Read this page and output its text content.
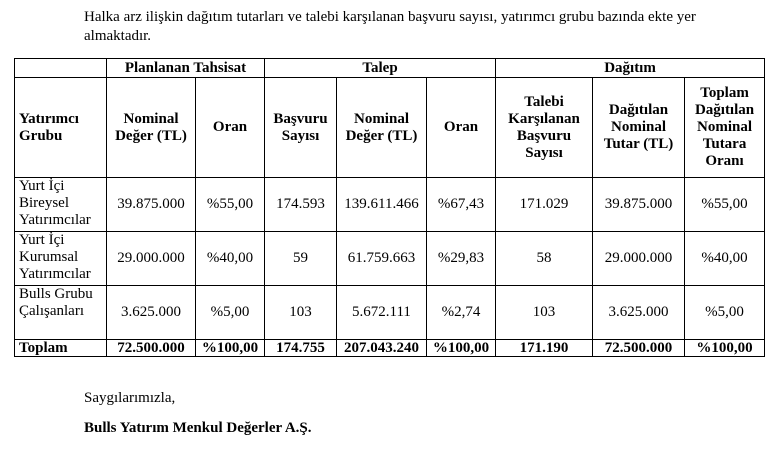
Halka arz ilişkin dağıtım tutarları ve talebi karşılanan başvuru sayısı, yatırımcı grubu bazında ekte yer almaktadır.
	Planlanan Tahsisat		Talep			Dağıtım		
Yatırımcı Grubu	Nominal Değer (TL)	Oran	Başvuru Sayısı	Nominal Değer (TL)	Oran	Talebi Karşılanan Başvuru Sayısı	Dağıtılan Nominal Tutar (TL)	Toplam Dağıtılan Nominal Tutara Oranı
Yurt İçi Bireysel Yatırımcılar	39.875.000	%55,00	174.593	139.611.466	%67,43	171.029	39.875.000	%55,00
Yurt İçi Kurumsal Yatırımcılar	29.000.000	%40,00	59	61.759.663	%29,83	58	29.000.000	%40,00
Bulls Grubu Çalışanları	3.625.000	%5,00	103	5.672.111	%2,74	103	3.625.000	%5,00
Toplam	72.500.000	%100,00	174.755	207.043.240	%100,00	171.190	72.500.000	%100,00
Saygılarımızla,
Bulls Yatırım Menkul Değerler A.Ş.
